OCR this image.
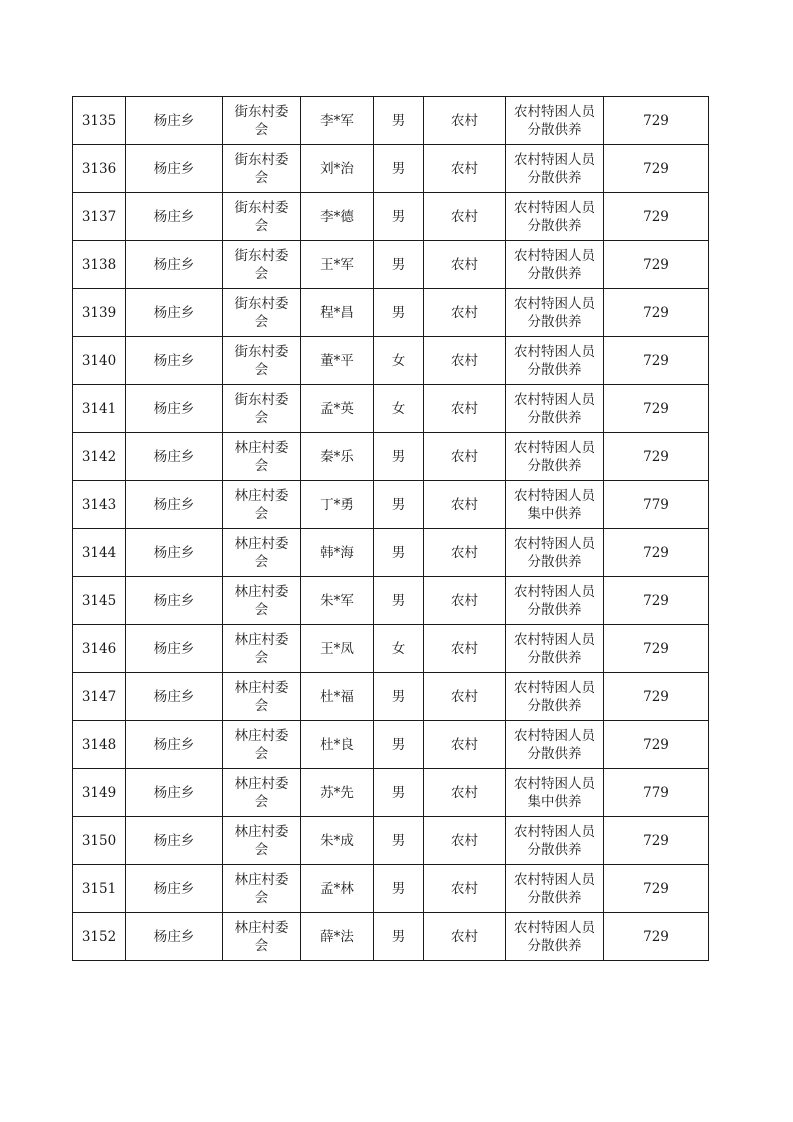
3135	杨庄乡	街东村委会	李*军	男	农村	农村特困人员分散供养	729
3136	杨庄乡	街东村委会	刘*治	男	农村	农村特困人员分散供养	729
3137	杨庄乡	街东村委会	李*德	男	农村	农村特困人员分散供养	729
3138	杨庄乡	街东村委会	王*军	男	农村	农村特困人员分散供养	729
3139	杨庄乡	街东村委会	程*昌	男	农村	农村特困人员分散供养	729
3140	杨庄乡	街东村委会	董*平	女	农村	农村特困人员分散供养	729
3141	杨庄乡	街东村委会	孟*英	女	农村	农村特困人员分散供养	729
3142	杨庄乡	林庄村委会	秦*乐	男	农村	农村特困人员分散供养	729
3143	杨庄乡	林庄村委会	丁*勇	男	农村	农村特困人员集中供养	779
3144	杨庄乡	林庄村委会	韩*海	男	农村	农村特困人员分散供养	729
3145	杨庄乡	林庄村委会	朱*军	男	农村	农村特困人员分散供养	729
3146	杨庄乡	林庄村委会	王*凤	女	农村	农村特困人员分散供养	729
3147	杨庄乡	林庄村委会	杜*福	男	农村	农村特困人员分散供养	729
3148	杨庄乡	林庄村委会	杜*良	男	农村	农村特困人员分散供养	729
3149	杨庄乡	林庄村委会	苏*先	男	农村	农村特困人员集中供养	779
3150	杨庄乡	林庄村委会	朱*成	男	农村	农村特困人员分散供养	729
3151	杨庄乡	林庄村委会	孟*林	男	农村	农村特困人员分散供养	729
3152	杨庄乡	林庄村委会	薛*法	男	农村	农村特困人员分散供养	729
